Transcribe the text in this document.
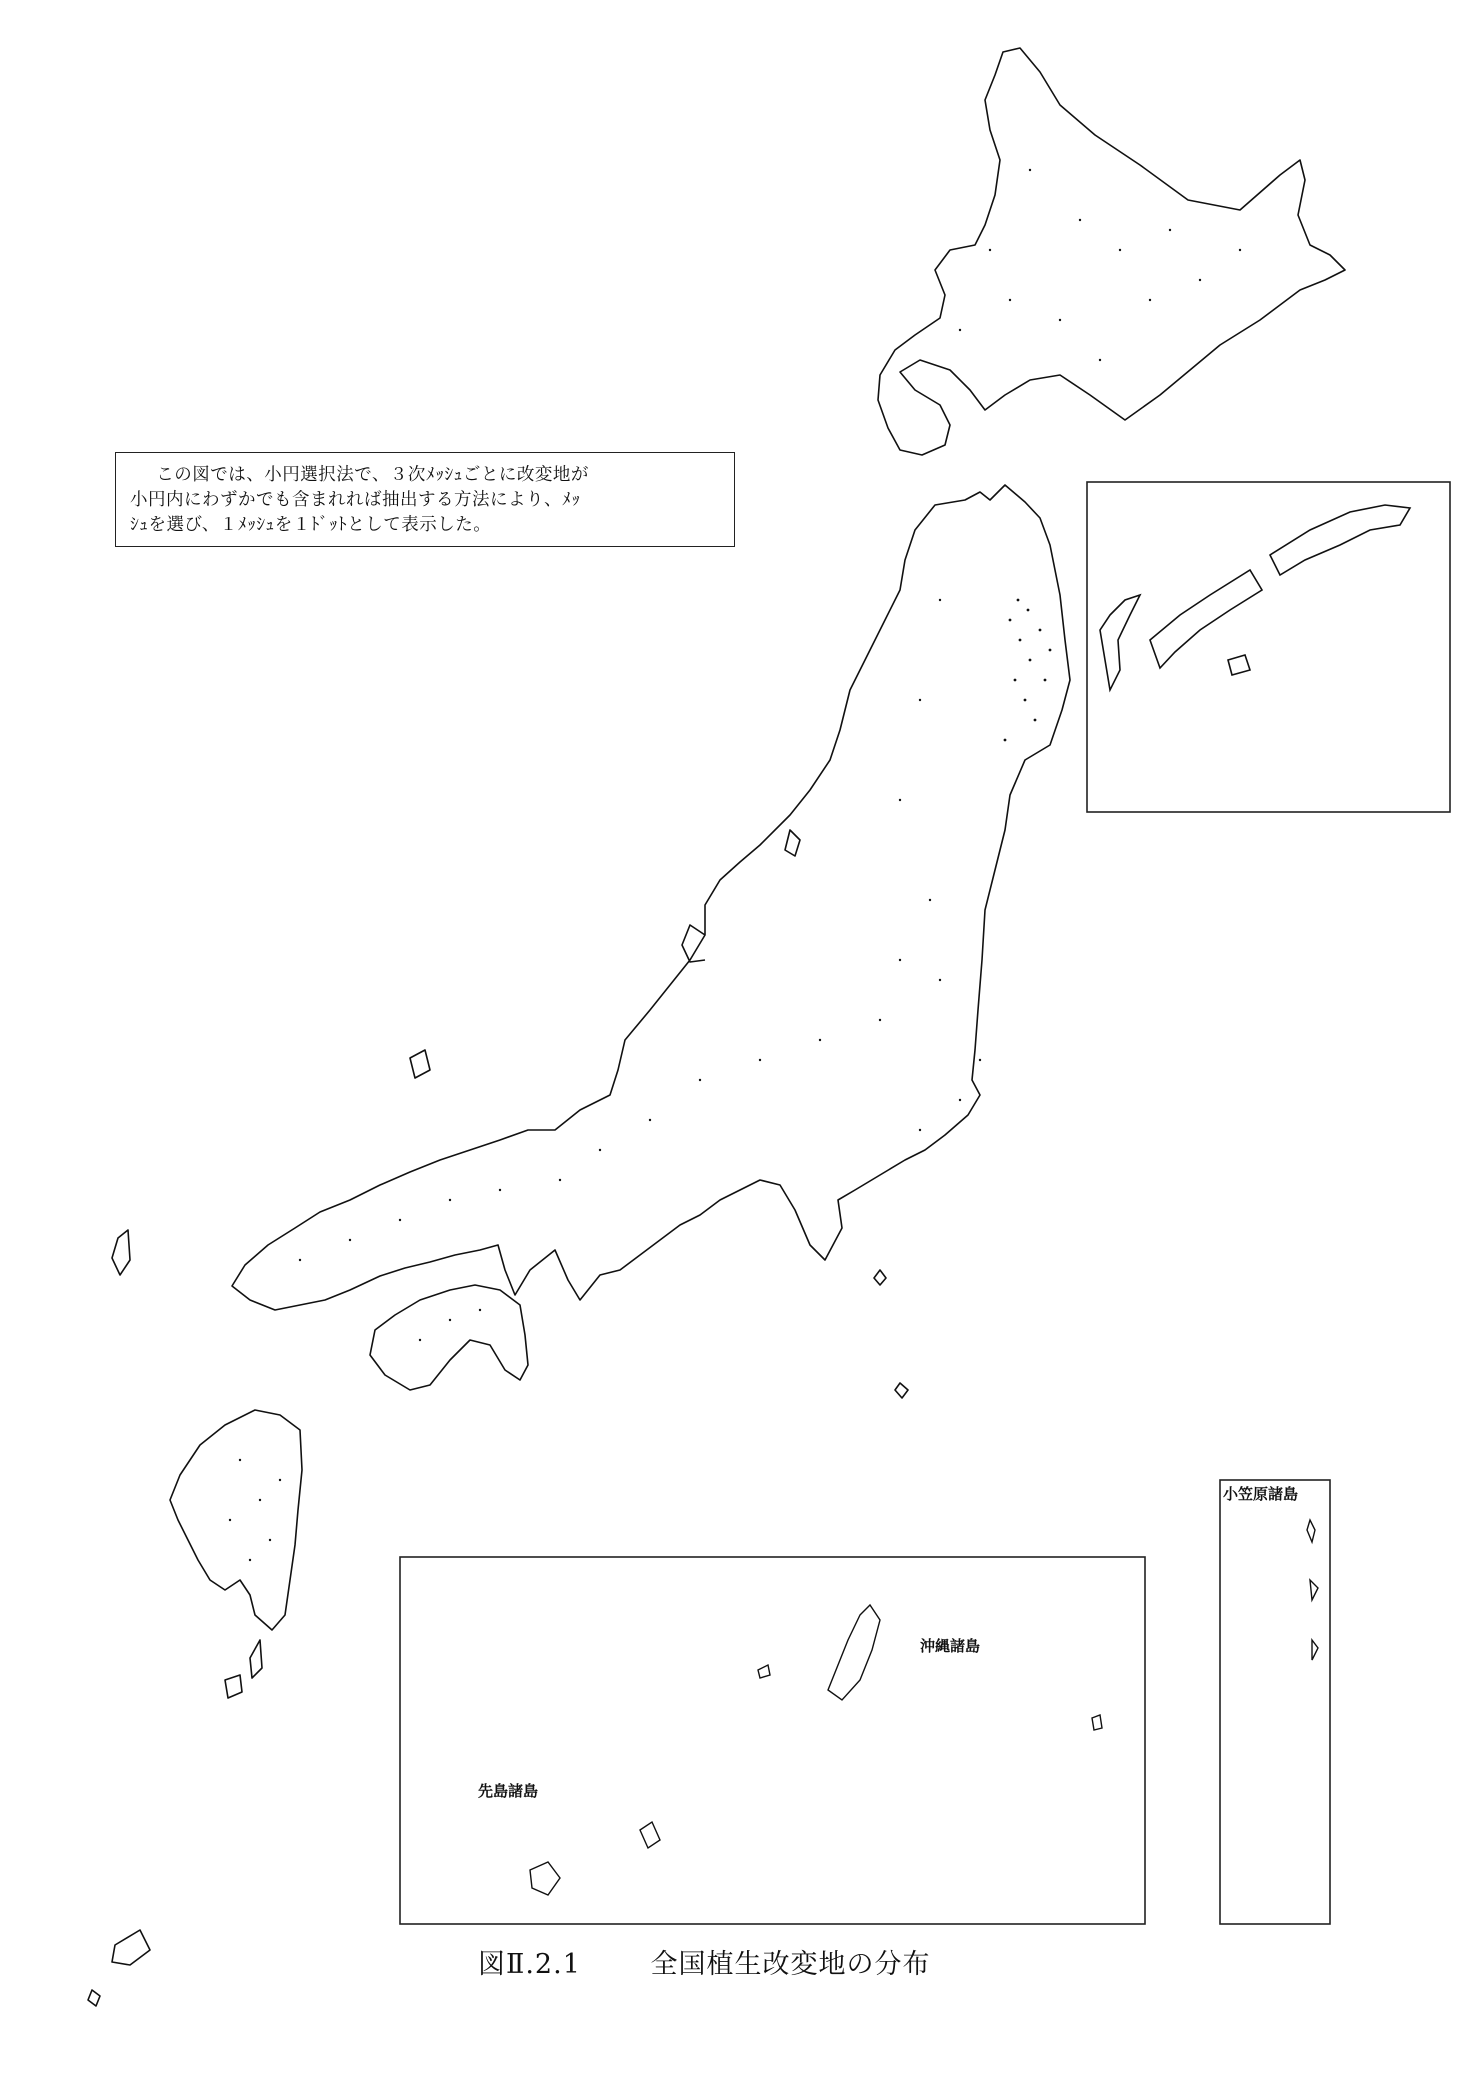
この図では、小円選択法で、３次ﾒｯｼｭごとに改変地が
小円内にわずかでも含まれれば抽出する方法により、ﾒｯ
ｼｭを選び、１ﾒｯｼｭを１ﾄﾞｯﾄとして表示した。
沖縄諸島
先島諸島
小笠原諸島
図Ⅱ.2.1	全国植生改変地の分布
